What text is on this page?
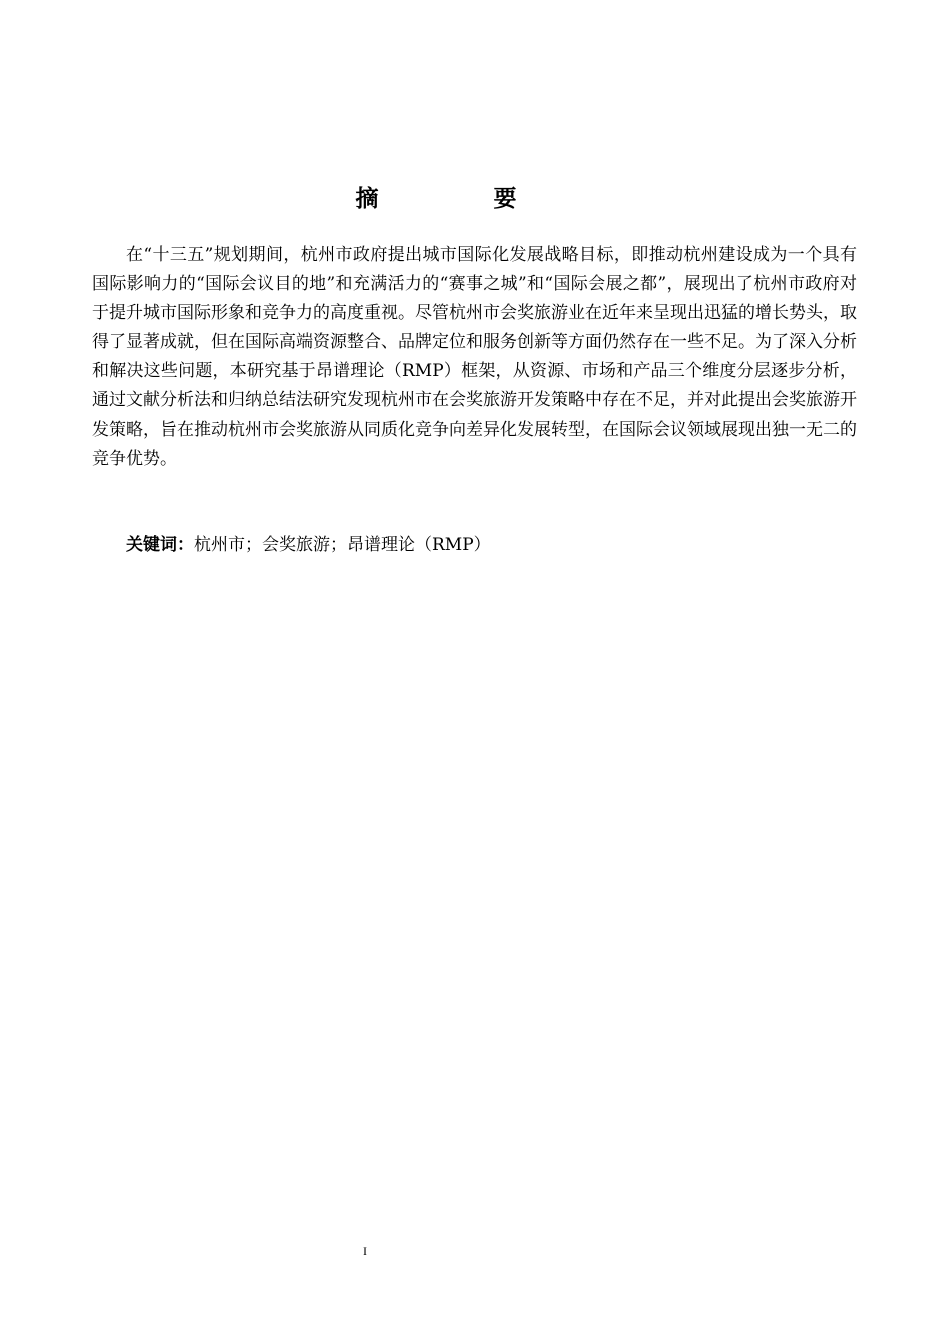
摘　要

在“十三五”规划期间，杭州市政府提出城市国际化发展战略目标，即推动杭州建设成为一个具有国际影响力的“国际会议目的地”和充满活力的“赛事之城”和“国际会展之都”，展现出了杭州市政府对于提升城市国际形象和竞争力的高度重视。尽管杭州市会奖旅游业在近年来呈现出迅猛的增长势头，取得了显著成就，但在国际高端资源整合、品牌定位和服务创新等方面仍然存在一些不足。为了深入分析和解决这些问题，本研究基于昂谱理论（RMP）框架，从资源、市场和产品三个维度分层逐步分析，通过文献分析法和归纳总结法研究发现杭州市在会奖旅游开发策略中存在不足，并对此提出会奖旅游开发策略，旨在推动杭州市会奖旅游从同质化竞争向差异化发展转型，在国际会议领域展现出独一无二的竞争优势。

关键词：杭州市；会奖旅游；昂谱理论（RMP）

I
